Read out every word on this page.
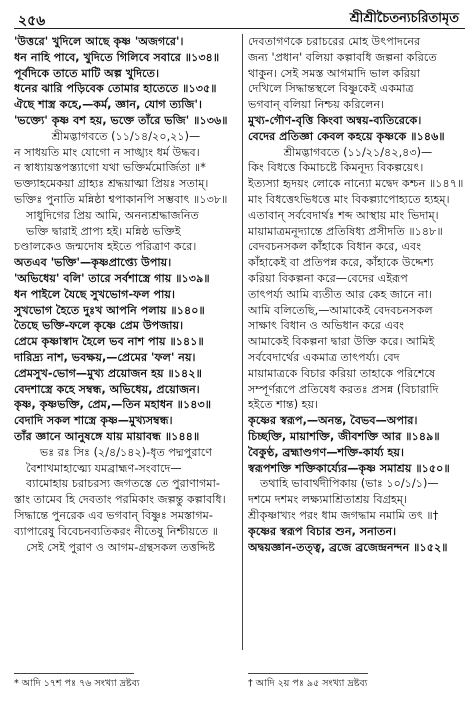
২৫৬	শ্রীশ্রীচৈতন্যচরিতামৃত
'উত্তরে' খুদিলে আছে কৃষ্ণ 'অজগরে'।
ধন নাহি পাবে, খুদিতে গিলিবে সবারে ॥১৩৪॥
পূর্বদিকে তাতে মাটি অল্প খুদিতে।
ধনের ঝারি পড়িবেক তোমার হাতেতে ॥১৩৫॥
ঐছে শাস্ত্র কহে,—কর্ম, জ্ঞান, যোগ ত্যজি'।
'ভক্ত্যে' কৃষ্ণ বশ হয়, ভক্তে তাঁরে ভজি' ॥১৩৬॥
শ্রীমদ্ভাগবতে (১১/১৪/২০,২১)—
ন সাধয়তি মাং যোগো ন সাঙ্খ্যং ধর্ম উদ্ধব।
ন স্বাধ্যায়স্তপস্ত্যাগো যথা ভক্তির্মমোর্জিতা ॥*
ভক্ত্যাহমেকয়া গ্রাহ্যঃ শ্রদ্ধয়াত্মা প্রিয়ঃ সতাম্।
ভক্তিঃ পুনাতি মন্নিষ্ঠা শ্বপাকানপি সম্ভবাৎ ॥১৩৮॥
সাধুদিগের প্রিয় আমি, অনন্যশ্রদ্ধাজনিত
ভক্তি দ্বারাই প্রাপ্য হই। মন্নিষ্ঠ ভক্তিই
চণ্ডালকেও জন্মদোষ হইতে পরিত্রাণ করে।
অতএব 'ভক্তি'—কৃষ্ণপ্রাপ্ত্যে উপায়।
'অভিধেয়' বলি' তারে সর্বশাস্ত্রে গায় ॥১৩৯॥
ধন পাইলে যৈছে সুখভোগ-ফল পায়।
সুখভোগ হৈতে দুঃখ আপনি পলায় ॥১৪০॥
তৈছে ভক্তি-ফলে কৃষ্ণে প্রেম উপজায়।
প্রেমে কৃষ্ণাস্বাদ হৈলে ভব নাশ পায় ॥১৪১॥
দারিদ্র্য নাশ, ভবক্ষয়,—প্রেমের 'ফল' নয়।
প্রেমসুখ-ভোগ—মুখ্য প্রয়োজন হয় ॥১৪২॥
বেদশাস্ত্রে কহে সম্বন্ধ, অভিধেয়, প্রয়োজন।
কৃষ্ণ, কৃষ্ণভক্তি, প্রেম,—তিন মহাধন ॥১৪৩॥
বেদাদি সকল শাস্ত্রে কৃষ্ণ—মুখ্যসম্বন্ধ।
তাঁর জ্ঞানে আনুষঙ্গে যায় মায়াবন্ধ ॥১৪৪॥
ভঃ রঃ সিঃ (২/৪/১৪২)-ধৃত পদ্মপুরাণে
বৈশাখমাহাত্ম্যে যমব্রাহ্মণ-সংবাদে—
ব্যামোহায় চরাচরস্য জগতস্তে তে পুরাণাগমা-
স্তাং তামেব হি দেবতাং পরমিকাং জল্পন্তু কল্পাবধি।
সিদ্ধান্তে পুনরেক এব ভগবান্ বিষ্ণুঃ সমস্তাগম-
ব্যাপারেষু বিবেচনব্যতিকরং নীতেষু নিশ্চীয়তে ॥
সেই সেই পুরাণ ও আগম-গ্রন্থসকল তত্তদ্দিষ্ট
দেবতাগণকে চরাচরের মোহ উৎপাদনের
জন্য 'প্রধান' বলিয়া কল্পাবধি জল্পনা করিতে
থাকুন। সেই সমস্ত আগমাদি ভাল করিয়া
দেখিলে সিদ্ধান্তস্থলে বিষ্ণুকেই একমাত্র
ভগবান্ বলিয়া নিশ্চয় করিলেন।
মুখ্য-গৌণ-বৃত্তি কিংবা অন্বয়-ব্যতিরেকে।
বেদের প্রতিজ্ঞা কেবল কহয়ে কৃষ্ণকে ॥১৪৬॥
শ্রীমদ্ভাগবতে (১১/২১/৪২,৪৩)—
কিং বিধত্তে কিমাচষ্টে কিমনূদ্য বিকল্পয়েৎ।
ইত্যস্যা হৃদয়ং লোকে নান্যো মদ্বেদ কশ্চন ॥১৪৭॥
মাং বিধত্তেঽভিধত্তে মাং বিকল্প্যাপোহ্যতে হ্যহম্।
এতাবান্ সর্ববেদার্থঃ শব্দ আস্থায় মাং ভিদাম্।
মায়ামাত্রমনূদ্যান্তে প্রতিষিধ্য প্রসীদতি ॥১৪৮॥
বেদবচনসকল কাঁহাকে বিধান করে, এবং
কাঁহাকেই বা প্রতিপন্ন করে, কাঁহাকে উদ্দেশ্য
করিয়া বিকল্পনা করে—বেদের এইরূপ
তাৎপর্য্য আমি ব্যতীত আর কেহ জানে না।
আমি বলিতেছি,—আমাকেই বেদবচনসকল
সাক্ষাৎ বিধান ও অভিধান করে এবং
আমাকেই বিকল্পনা দ্বারা উক্তি করে। আমিই
সর্ববেদার্থের একমাত্র তাৎপর্য্য। বেদ
মায়ামাত্রকে বিচার করিয়া তাহাকে পরিশেষে
সম্পূর্ণরূপে প্রতিষেধ করতঃ প্রসন্ন (বিচারাদি
হইতে শান্ত) হয়।
কৃষ্ণের স্বরূপ,—অনন্ত, বৈভব—অপার।
চিচ্ছক্তি, মায়াশক্তি, জীবশক্তি আর ॥১৪৯॥
বৈকুণ্ঠ, ব্রহ্মাণ্ডগণ—শক্তি-কার্য্য হয়।
স্বরূপশক্তি শক্তিকার্য্যের—কৃষ্ণ সমাশ্রয় ॥১৫০॥
তথাহি ভাবার্থদীপিকায় (ভাঃ ১০/১/১)—
দশমে দশমং লক্ষ্যমাশ্রিতাশ্রয় বিগ্রহম্।
শ্রীকৃষ্ণাখ্যং পরং ধাম জগদ্ধাম নমামি তৎ ॥†
কৃষ্ণের স্বরূপ বিচার শুন, সনাতন।
অদ্বয়জ্ঞান-তত্ত্ব, ব্রজে ব্রজেন্দ্রনন্দন ॥১৫২॥
* আদি ১৭শ পঃ ৭৬ সংখ্যা দ্রষ্টব্য	† আদি ২য় পঃ ৯৫ সংখ্যা দ্রষ্টব্য
